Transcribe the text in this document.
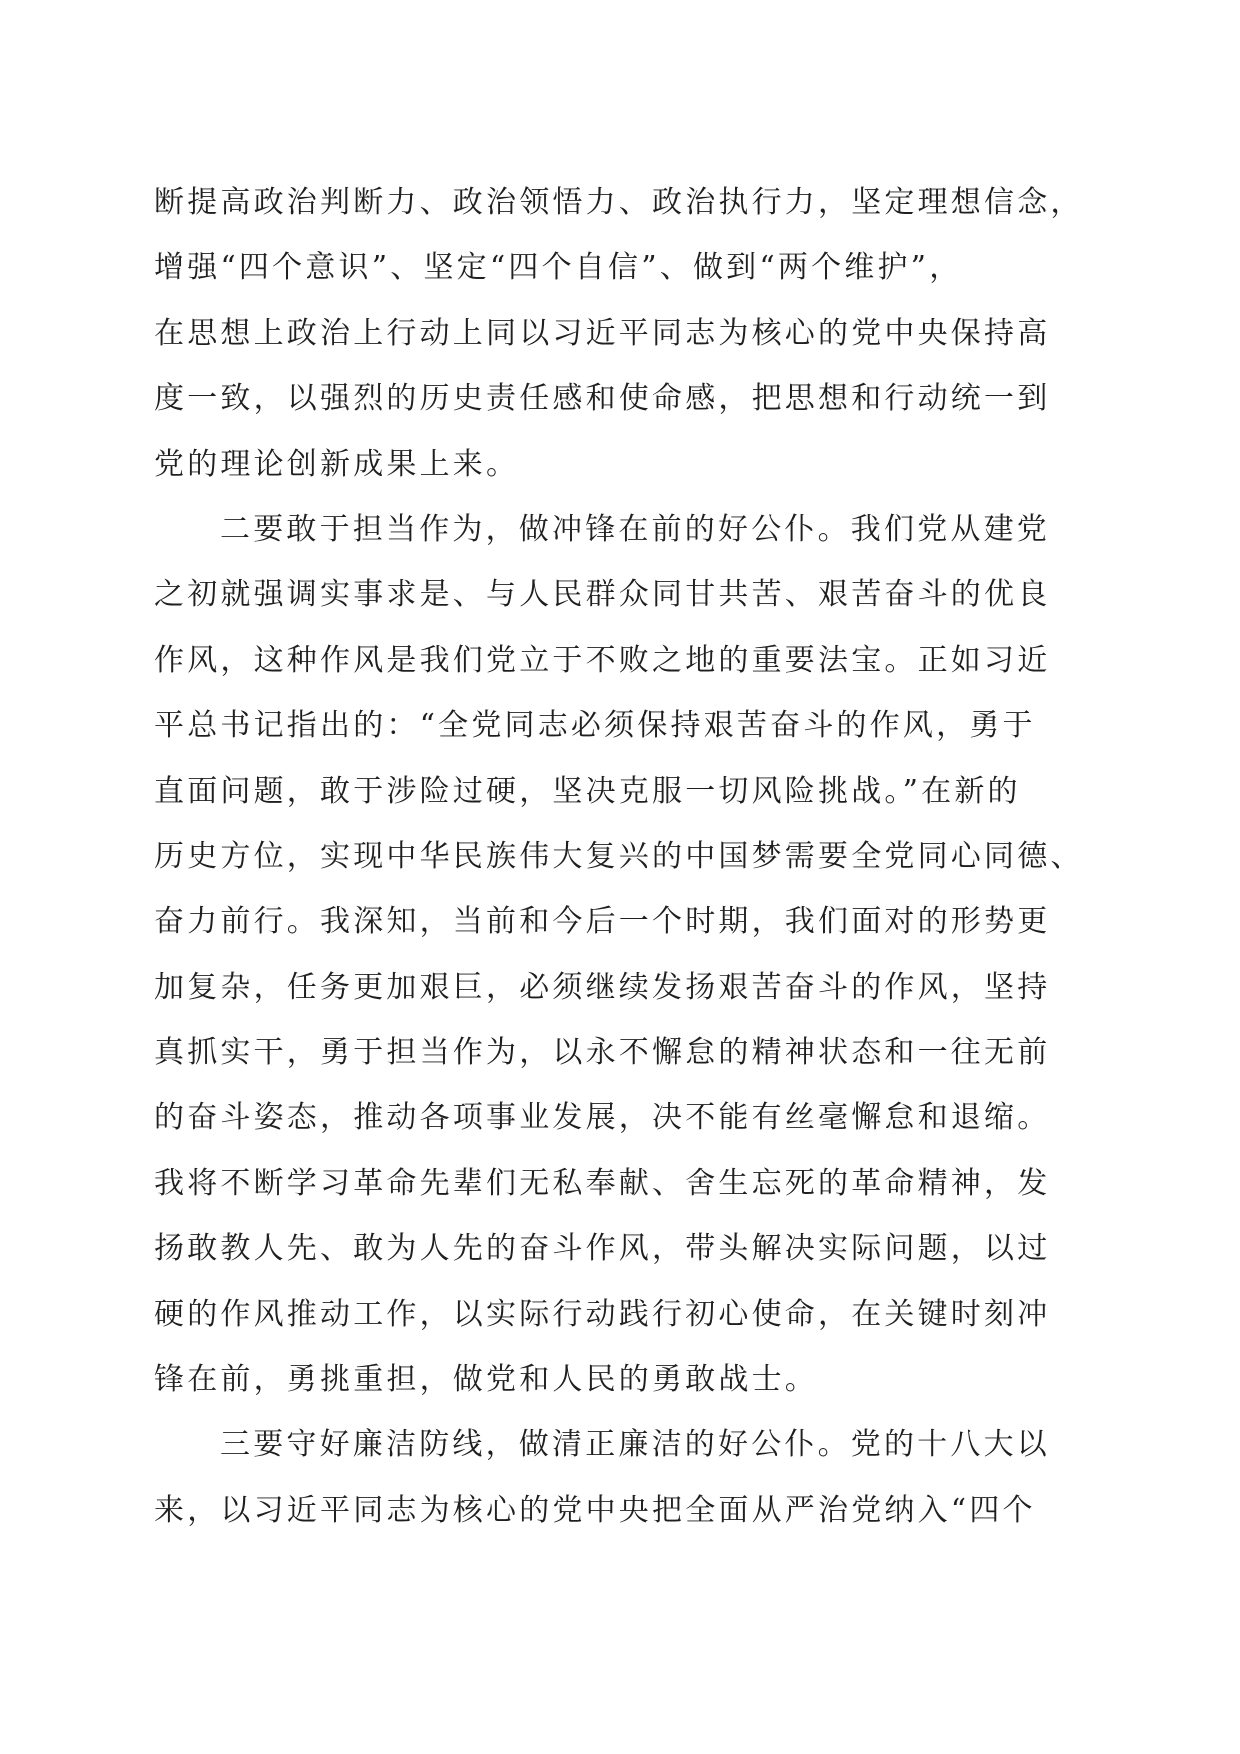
断提高政治判断力、政治领悟力、政治执行力，坚定理想信念，
增强“四个意识”、坚定“四个自信”、做到“两个维护”，
在思想上政治上行动上同以习近平同志为核心的党中央保持高
度一致，以强烈的历史责任感和使命感，把思想和行动统一到
党的理论创新成果上来。
二要敢于担当作为，做冲锋在前的好公仆。我们党从建党
之初就强调实事求是、与人民群众同甘共苦、艰苦奋斗的优良
作风，这种作风是我们党立于不败之地的重要法宝。正如习近
平总书记指出的：“全党同志必须保持艰苦奋斗的作风，勇于
直面问题，敢于涉险过硬，坚决克服一切风险挑战。”在新的
历史方位，实现中华民族伟大复兴的中国梦需要全党同心同德、
奋力前行。我深知，当前和今后一个时期，我们面对的形势更
加复杂，任务更加艰巨，必须继续发扬艰苦奋斗的作风，坚持
真抓实干，勇于担当作为，以永不懈怠的精神状态和一往无前
的奋斗姿态，推动各项事业发展，决不能有丝毫懈怠和退缩。
我将不断学习革命先辈们无私奉献、舍生忘死的革命精神，发
扬敢教人先、敢为人先的奋斗作风，带头解决实际问题，以过
硬的作风推动工作，以实际行动践行初心使命，在关键时刻冲
锋在前，勇挑重担，做党和人民的勇敢战士。
三要守好廉洁防线，做清正廉洁的好公仆。党的十八大以
来，以习近平同志为核心的党中央把全面从严治党纳入“四个
